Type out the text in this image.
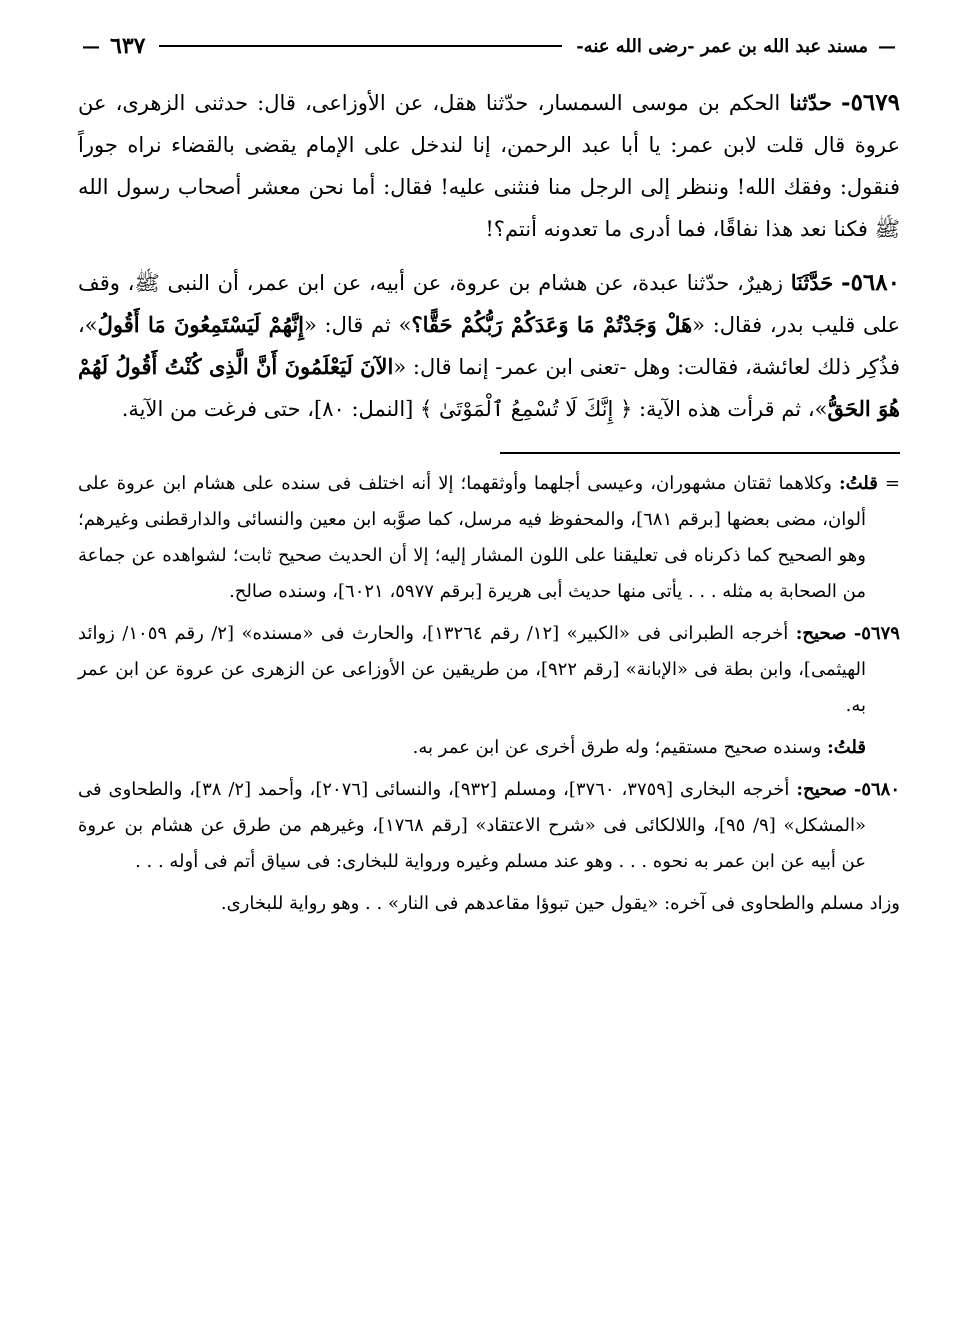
—
مسند عبد الله بن عمر -رضى الله عنه-
٦٣٧
—

٥٦٧٩- حدّثنا الحكم بن موسى السمسار، حدّثنا هقل، عن الأوزاعى، قال: حدثنى الزهرى، عن عروة قال قلت لابن عمر: يا أبا عبد الرحمن، إنا لندخل على الإمام يقضى بالقضاء نراه جوراً فنقول: وفقك الله! وننظر إلى الرجل منا فنثنى عليه! فقال: أما نحن معشر أصحاب رسول الله ﷺ فكنا نعد هذا نفاقًا، فما أدرى ما تعدونه أنتم؟!

٥٦٨٠- حَدَّثَنَا زهيرٌ، حدّثنا عبدة، عن هشام بن عروة، عن أبيه، عن ابن عمر، أن النبى ﷺ، وقف على قليب بدر، فقال: «هَلْ وَجَدْتُمْ مَا وَعَدَكُمْ رَبُّكُمْ حَقًّا؟» ثم قال: «إِنَّهُمْ لَيَسْتَمِعُونَ مَا أَقُولُ»، فذُكِر ذلك لعائشة، فقالت: وهل -تعنى ابن عمر- إنما قال: «الآنَ لَيَعْلَمُونَ أَنَّ الَّذِى كُنْتُ أَقُولُ لَهُمْ هُوَ الحَقُّ»، ثم قرأت هذه الآية: ﴿ إِنَّكَ لَا تُسْمِعُ ٱلْمَوْتَىٰ ﴾ [النمل: ٨٠]، حتى فرغت من الآية.

= قلتُ: وكلاهما ثقتان مشهوران، وعيسى أجلهما وأوثقهما؛ إلا أنه اختلف فى سنده على هشام ابن عروة على ألوان، مضى بعضها [برقم ٦٨١]، والمحفوظ فيه مرسل، كما صوَّبه ابن معين والنسائى والدارقطنى وغيرهم؛ وهو الصحيح كما ذكرناه فى تعليقنا على اللون المشار إليه؛ إلا أن الحديث صحيح ثابت؛ لشواهده عن جماعة من الصحابة به مثله . . . يأتى منها حديث أبى هريرة [برقم ٥٩٧٧، ٦٠٢١]، وسنده صالح.

٥٦٧٩- صحيح: أخرجه الطبرانى فى «الكبير» [١٢/ رقم ١٣٢٦٤]، والحارث فى «مسنده» [٢/ رقم ١٠٥٩/ زوائد الهيثمى]، وابن بطة فى «الإبانة» [رقم ٩٢٢]، من طريقين عن الأوزاعى عن الزهرى عن عروة عن ابن عمر به.

قلتُ: وسنده صحيح مستقيم؛ وله طرق أخرى عن ابن عمر به.

٥٦٨٠- صحيح: أخرجه البخارى [٣٧٥٩، ٣٧٦٠]، ومسلم [٩٣٢]، والنسائى [٢٠٧٦]، وأحمد [٢/ ٣٨]، والطحاوى فى «المشكل» [٩/ ٩٥]، واللالكائى فى «شرح الاعتقاد» [رقم ١٧٦٨]، وغيرهم من طرق عن هشام بن عروة عن أبيه عن ابن عمر به نحوه . . . وهو عند مسلم وغيره ورواية للبخارى: فى سياق أتم فى أوله . . .

وزاد مسلم والطحاوى فى آخره: «يقول حين تبوؤا مقاعدهم فى النار» . . وهو رواية للبخارى.
